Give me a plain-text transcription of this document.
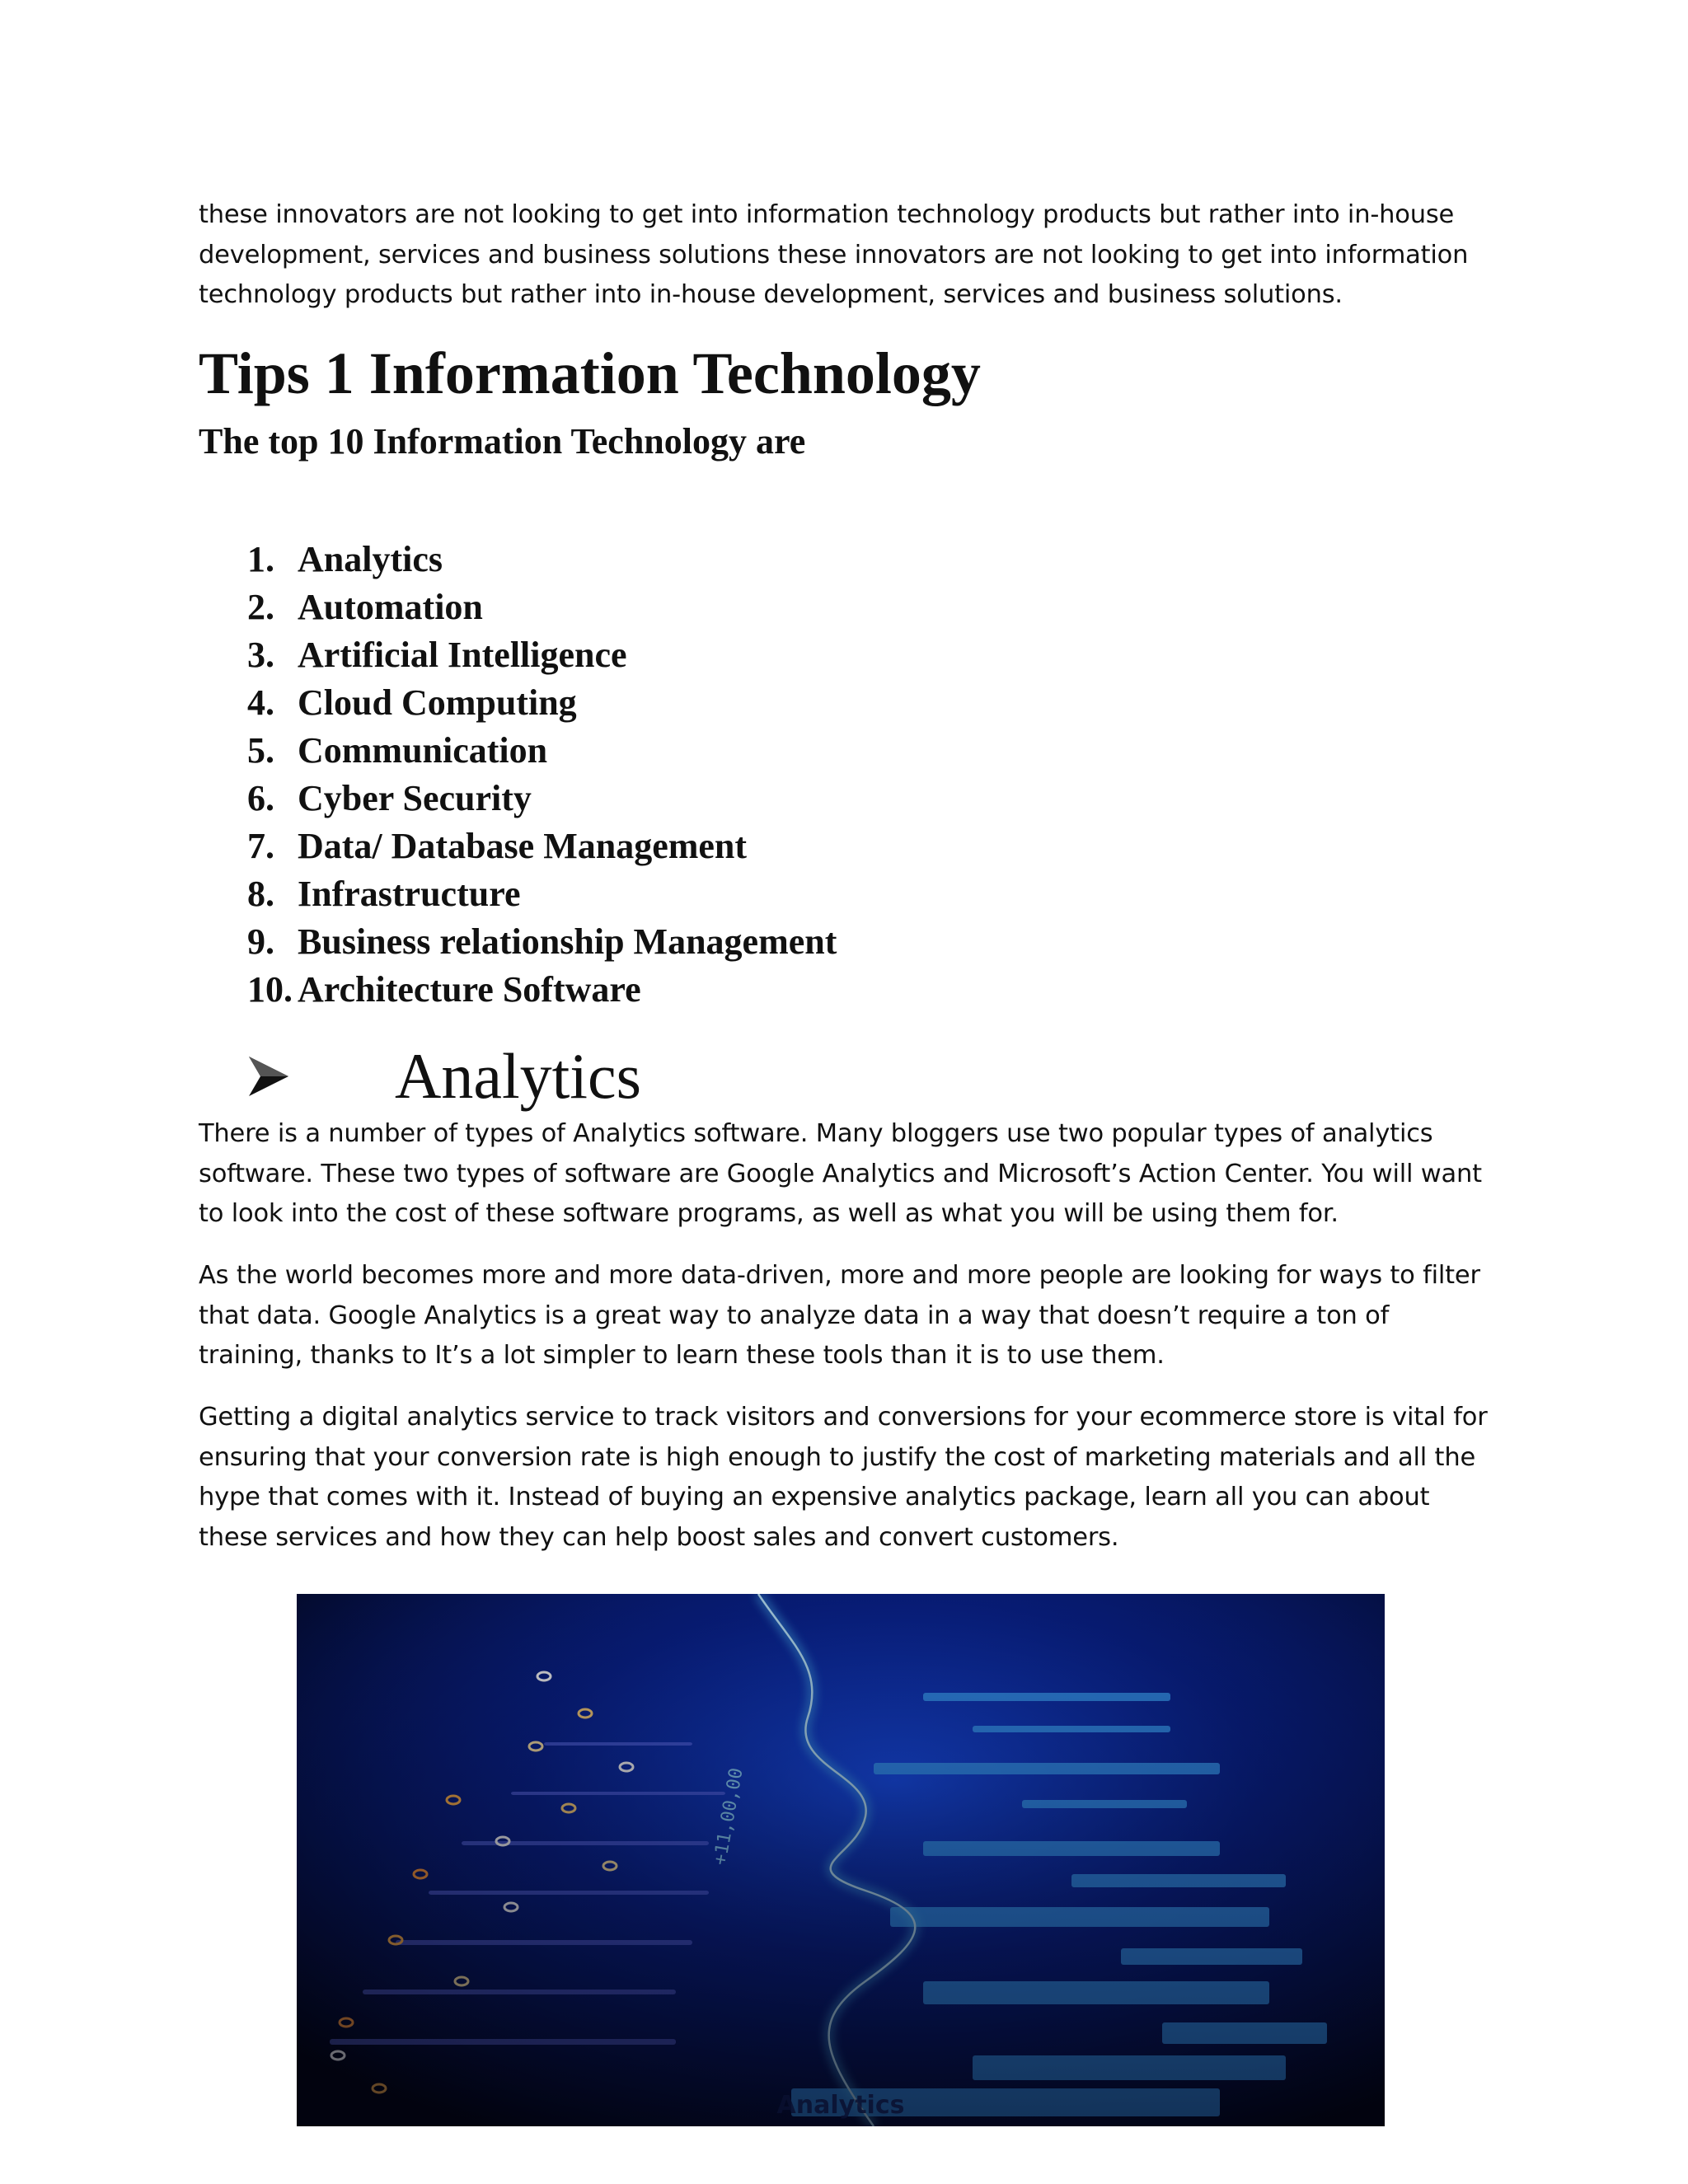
these innovators are not looking to get into information technology products but rather into in-house development, services and business solutions these innovators are not looking to get into information technology products but rather into in-house development, services and business solutions.

Tips 1 Information Technology
The top 10 Information Technology are
1. Analytics
2. Automation
3. Artificial Intelligence
4. Cloud Computing
5. Communication
6. Cyber Security
7. Data/ Database Management
8. Infrastructure
9. Business relationship Management
10. Architecture Software
Analytics

There is a number of types of Analytics software. Many bloggers use two popular types of analytics software. These two types of software are Google Analytics and Microsoft’s Action Center. You will want to look into the cost of these software programs, as well as what you will be using them for.

As the world becomes more and more data-driven, more and more people are looking for ways to filter that data. Google Analytics is a great way to analyze data in a way that doesn’t require a ton of training, thanks to It’s a lot simpler to learn these tools than it is to use them.

Getting a digital analytics service to track visitors and conversions for your ecommerce store is vital for ensuring that your conversion rate is high enough to justify the cost of marketing materials and all the hype that comes with it. Instead of buying an expensive analytics package, learn all you can about these services and how they can help boost sales and convert customers.

Analytics
